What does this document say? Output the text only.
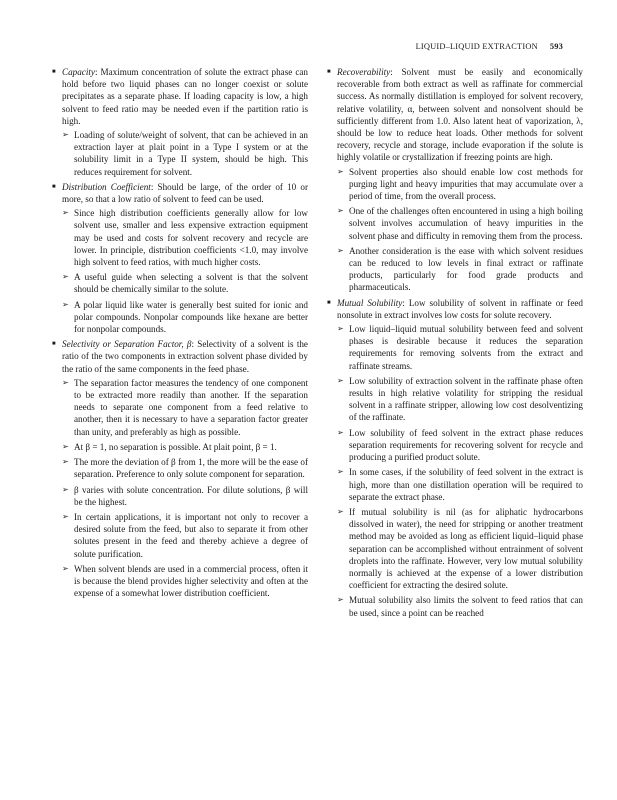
LIQUID–LIQUID EXTRACTION 593
■ Capacity: Maximum concentration of solute the extract phase can hold before two liquid phases can no longer coexist or solute precipitates as a separate phase. If loading capacity is low, a high solvent to feed ratio may be needed even if the partition ratio is high.

➢ Loading of solute/weight of solvent, that can be achieved in an extraction layer at plait point in a Type I system or at the solubility limit in a Type II system, should be high. This reduces requirement for solvent.
■ Distribution Coefficient: Should be large, of the order of 10 or more, so that a low ratio of solvent to feed can be used.

➢ Since high distribution coefficients generally allow for low solvent use, smaller and less expensive extraction equipment may be used and costs for solvent recovery and recycle are lower. In principle, distribution coefficients <1.0, may involve high solvent to feed ratios, with much higher costs.
➢ A useful guide when selecting a solvent is that the solvent should be chemically similar to the solute.
➢ A polar liquid like water is generally best suited for ionic and polar compounds. Nonpolar compounds like hexane are better for nonpolar compounds.
■ Selectivity or Separation Factor, β: Selectivity of a solvent is the ratio of the two components in extraction solvent phase divided by the ratio of the same components in the feed phase.

➢ The separation factor measures the tendency of one component to be extracted more readily than another. If the separation needs to separate one component from a feed relative to another, then it is necessary to have a separation factor greater than unity, and preferably as high as possible.
➢ At β = 1, no separation is possible. At plait point, β = 1.
➢ The more the deviation of β from 1, the more will be the ease of separation. Preference to only solute component for separation.
➢ β varies with solute concentration. For dilute solutions, β will be the highest.
➢ In certain applications, it is important not only to recover a desired solute from the feed, but also to separate it from other solutes present in the feed and thereby achieve a degree of solute purification.
➢ When solvent blends are used in a commercial process, often it is because the blend provides higher selectivity and often at the expense of a somewhat lower distribution coefficient.
■ Recoverability: Solvent must be easily and economically recoverable from both extract as well as raffinate for commercial success. As normally distillation is employed for solvent recovery, relative volatility, α, between solvent and nonsolvent should be sufficiently different from 1.0. Also latent heat of vaporization, λ, should be low to reduce heat loads. Other methods for solvent recovery, recycle and storage, include evaporation if the solute is highly volatile or crystallization if freezing points are high.

➢ Solvent properties also should enable low cost methods for purging light and heavy impurities that may accumulate over a period of time, from the overall process.
➢ One of the challenges often encountered in using a high boiling solvent involves accumulation of heavy impurities in the solvent phase and difficulty in removing them from the process.
➢ Another consideration is the ease with which solvent residues can be reduced to low levels in final extract or raffinate products, particularly for food grade products and pharmaceuticals.
■ Mutual Solubility: Low solubility of solvent in raffinate or feed nonsolute in extract involves low costs for solute recovery.

➢ Low liquid–liquid mutual solubility between feed and solvent phases is desirable because it reduces the separation requirements for removing solvents from the extract and raffinate streams.
➢ Low solubility of extraction solvent in the raffinate phase often results in high relative volatility for stripping the residual solvent in a raffinate stripper, allowing low cost desolventizing of the raffinate.
➢ Low solubility of feed solvent in the extract phase reduces separation requirements for recovering solvent for recycle and producing a purified product solute.
➢ In some cases, if the solubility of feed solvent in the extract is high, more than one distillation operation will be required to separate the extract phase.
➢ If mutual solubility is nil (as for aliphatic hydrocarbons dissolved in water), the need for stripping or another treatment method may be avoided as long as efficient liquid–liquid phase separation can be accomplished without entrainment of solvent droplets into the raffinate. However, very low mutual solubility normally is achieved at the expense of a lower distribution coefficient for extracting the desired solute.
➢ Mutual solubility also limits the solvent to feed ratios that can be used, since a point can be reached
